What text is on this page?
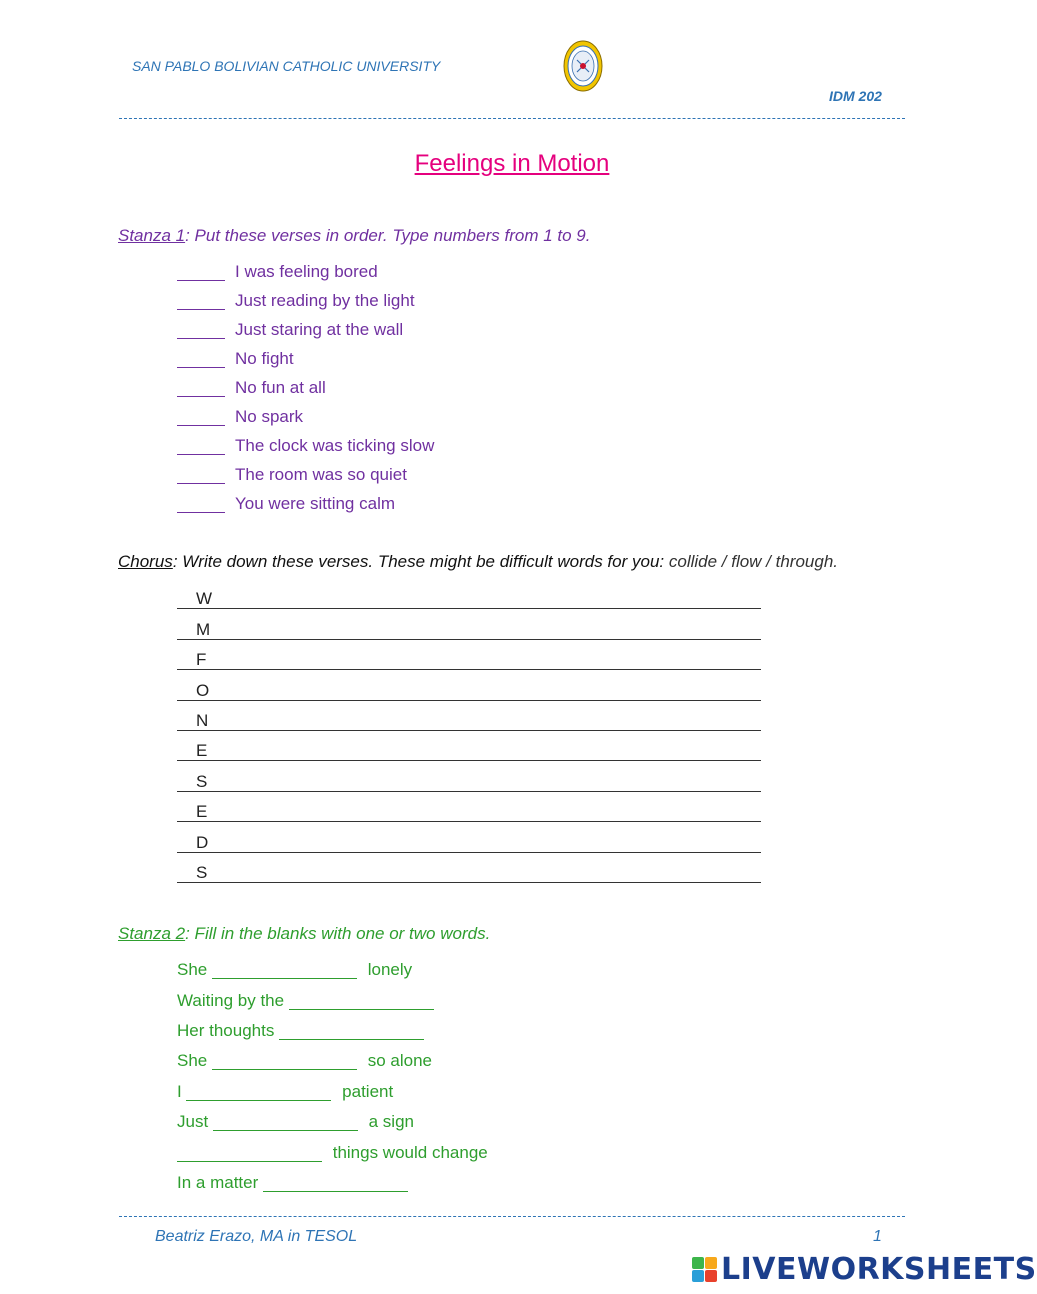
SAN PABLO BOLIVIAN CATHOLIC UNIVERSITY
IDM 202
Feelings in Motion
Stanza 1: Put these verses in order. Type numbers from 1 to 9.
I was feeling bored
Just reading by the light
Just staring at the wall
No fight
No fun at all
No spark
The clock was ticking slow
The room was so quiet
You were sitting calm
Chorus: Write down these verses. These might be difficult words for you: collide / flow / through.
W
M
F
O
N
E
S
E
D
S
Stanza 2: Fill in the blanks with one or two words.
She	lonely
Waiting by the
Her thoughts
She	so alone
I	patient
Just	a sign
things would change
In a matter
Beatriz Erazo, MA in TESOL	1
LIVEWORKSHEETS
